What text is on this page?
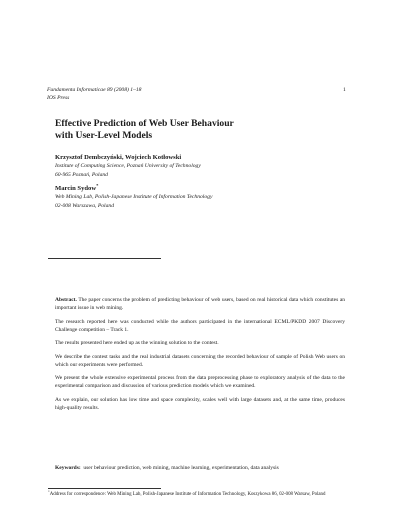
Fundamenta Informaticae 89 (2008) 1–18
IOS Press
1
Effective Prediction of Web User Behaviour
with User-Level Models
Krzysztof Dembczyński, Wojciech Kotłowski
Institute of Computing Science, Poznań University of Technology
60-965 Poznań, Poland
Marcin Sydow*
Web Mining Lab, Polish-Japanese Institute of Information Technology
02-008 Warszawa, Poland

Abstract. The paper concerns the problem of predicting behaviour of web users, based on real historical data which constitutes an important issue in web mining.

The research reported here was conducted while the authors participated in the international ECML/PKDD 2007 Discovery Challenge competition – Track 1.

The results presented here ended up as the winning solution to the contest.

We describe the contest tasks and the real industrial datasets concerning the recorded behaviour of sample of Polish Web users on which our experiments were performed.

We present the whole extensive experimental process from the data preprocessing phase to exploratory analysis of the data to the experimental comparison and discussion of various prediction models which we examined.

As we explain, our solution has low time and space complexity, scales well with large datasets and, at the same time, produces high-quality results.

Keywords: user behaviour prediction, web mining, machine learning, experimentation, data analysis
*Address for correspondence: Web Mining Lab, Polish-Japanese Institute of Information Technology, Koszykowa 86, 02-008 Warsaw, Poland
